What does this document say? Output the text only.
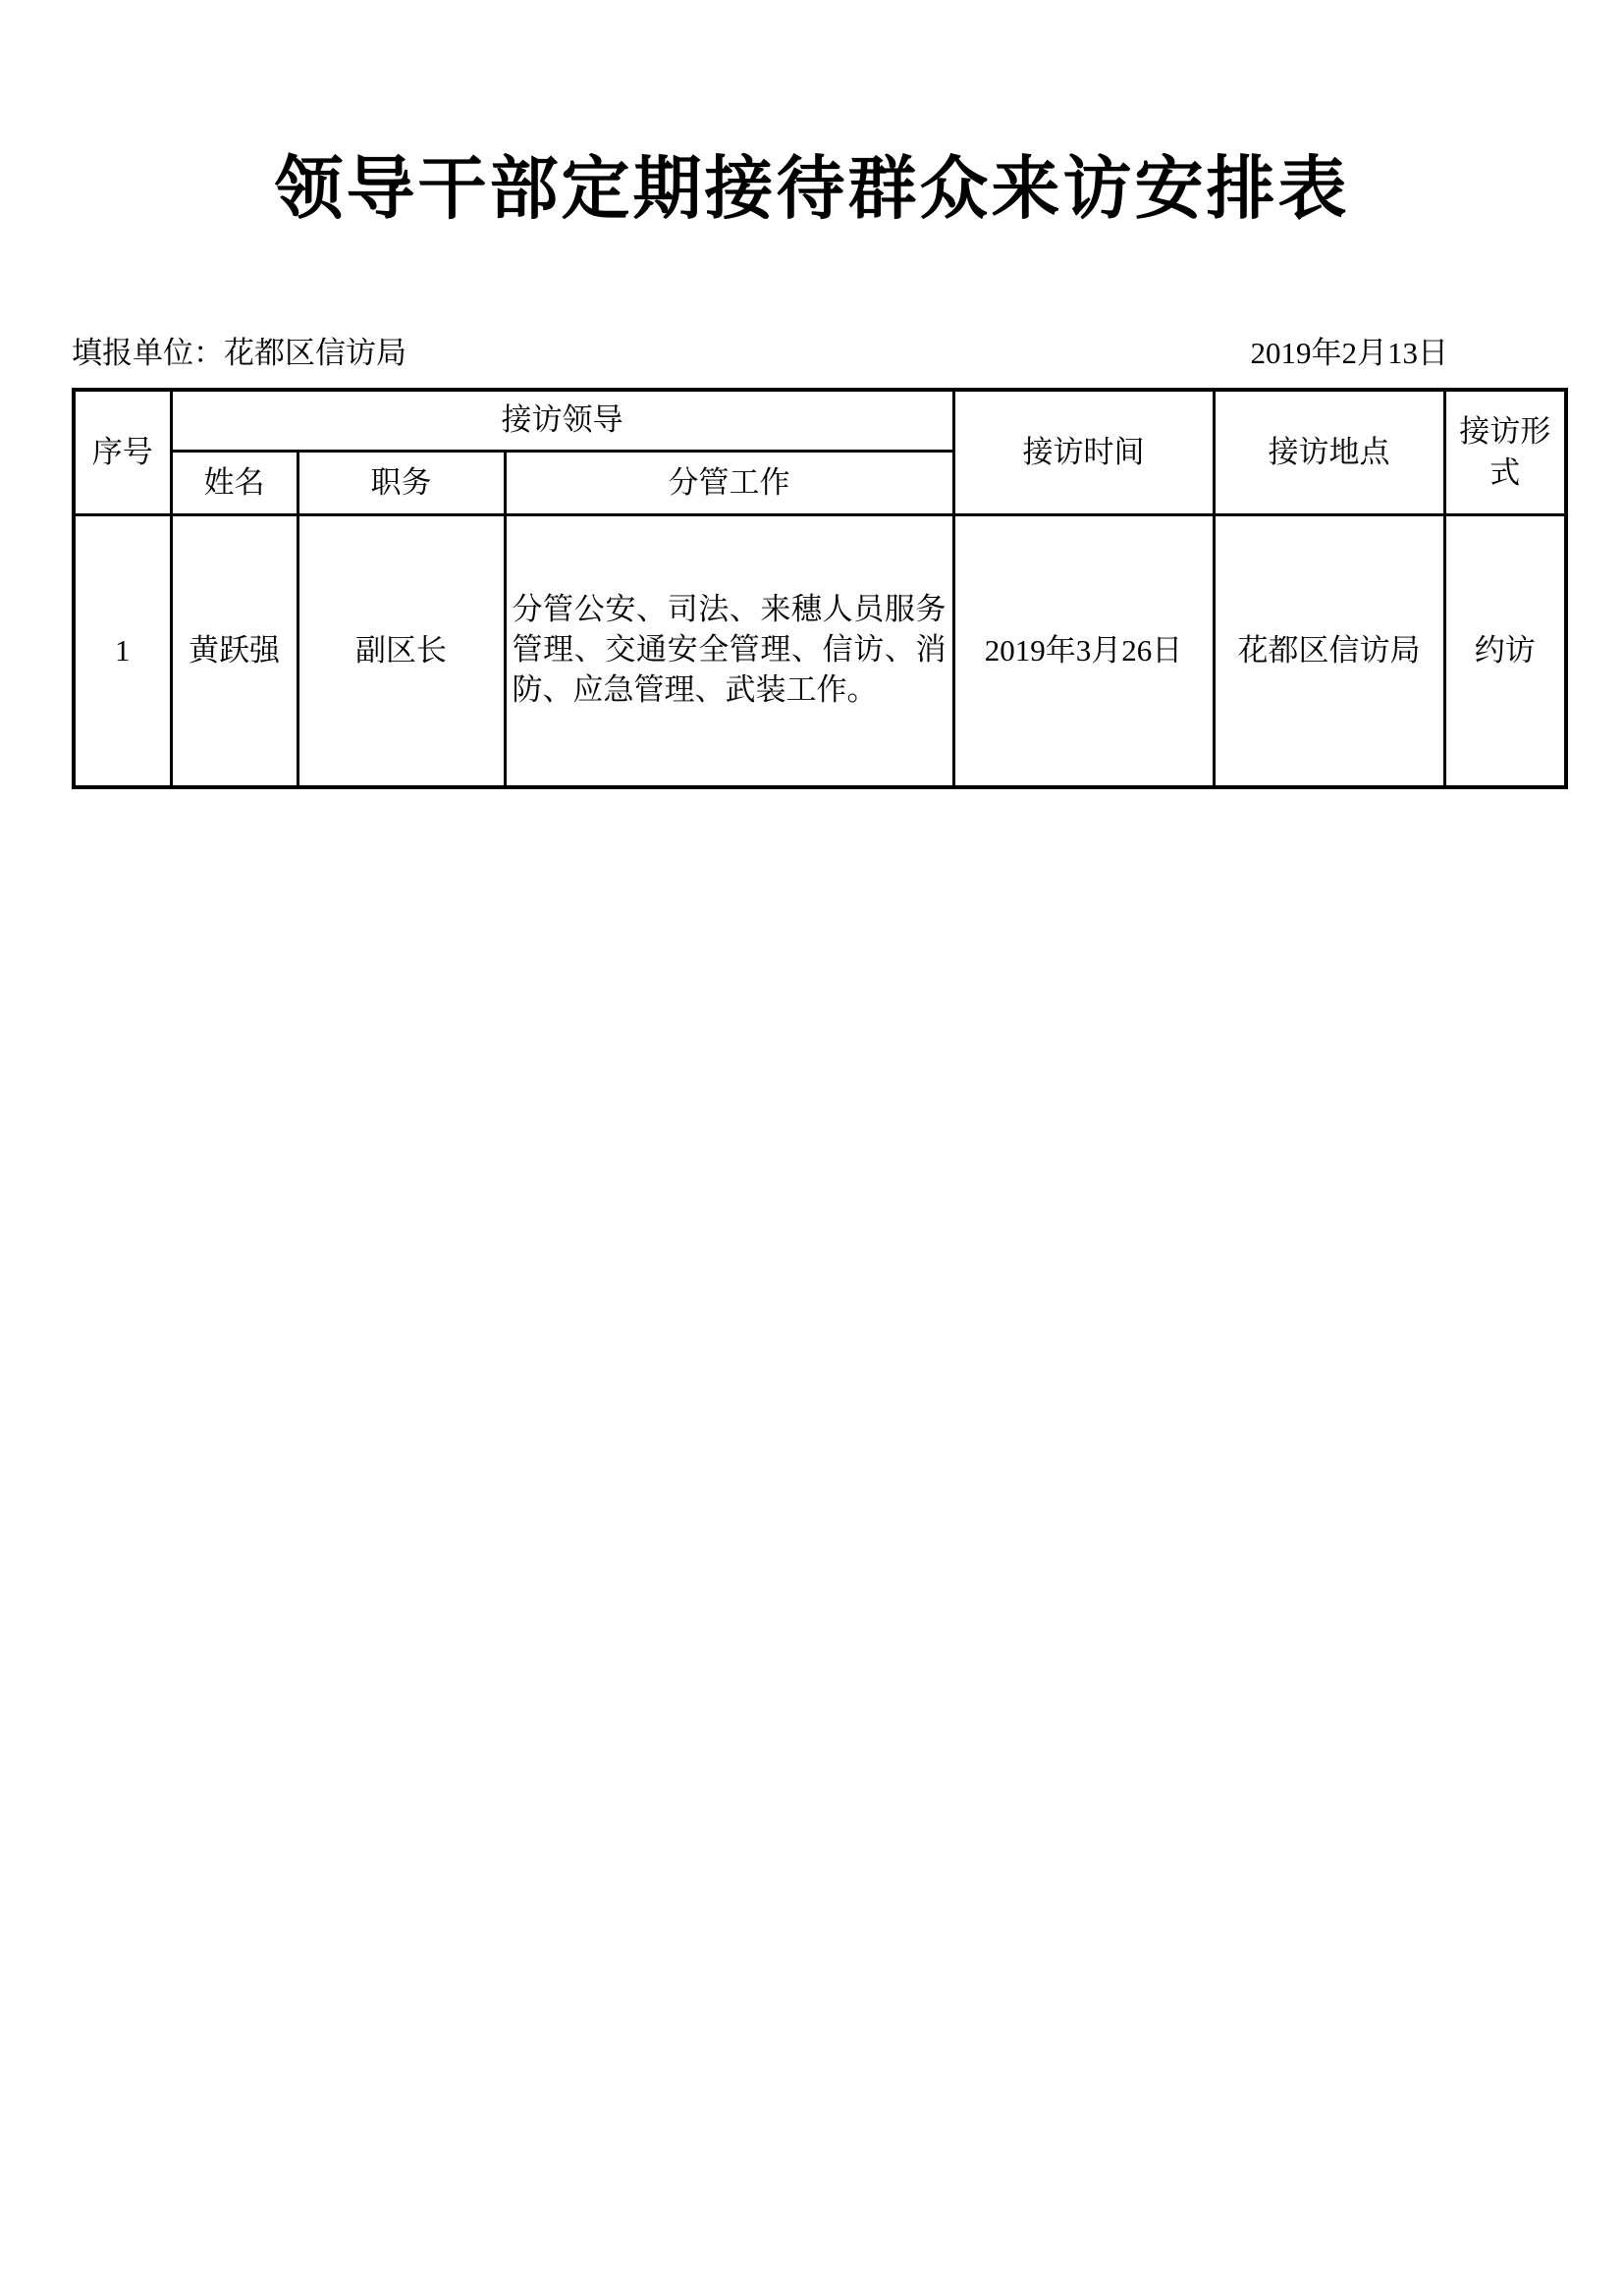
领导干部定期接待群众来访安排表
填报单位：花都区信访局	2019年2月13日
序号	接访领导			接访时间	接访地点	接访形式
	姓名	职务	分管工作			
1	黄跃强	副区长	分管公安、司法、来穗人员服务管理、交通安全管理、信访、消防、应急管理、武装工作。	2019年3月26日	花都区信访局	约访
